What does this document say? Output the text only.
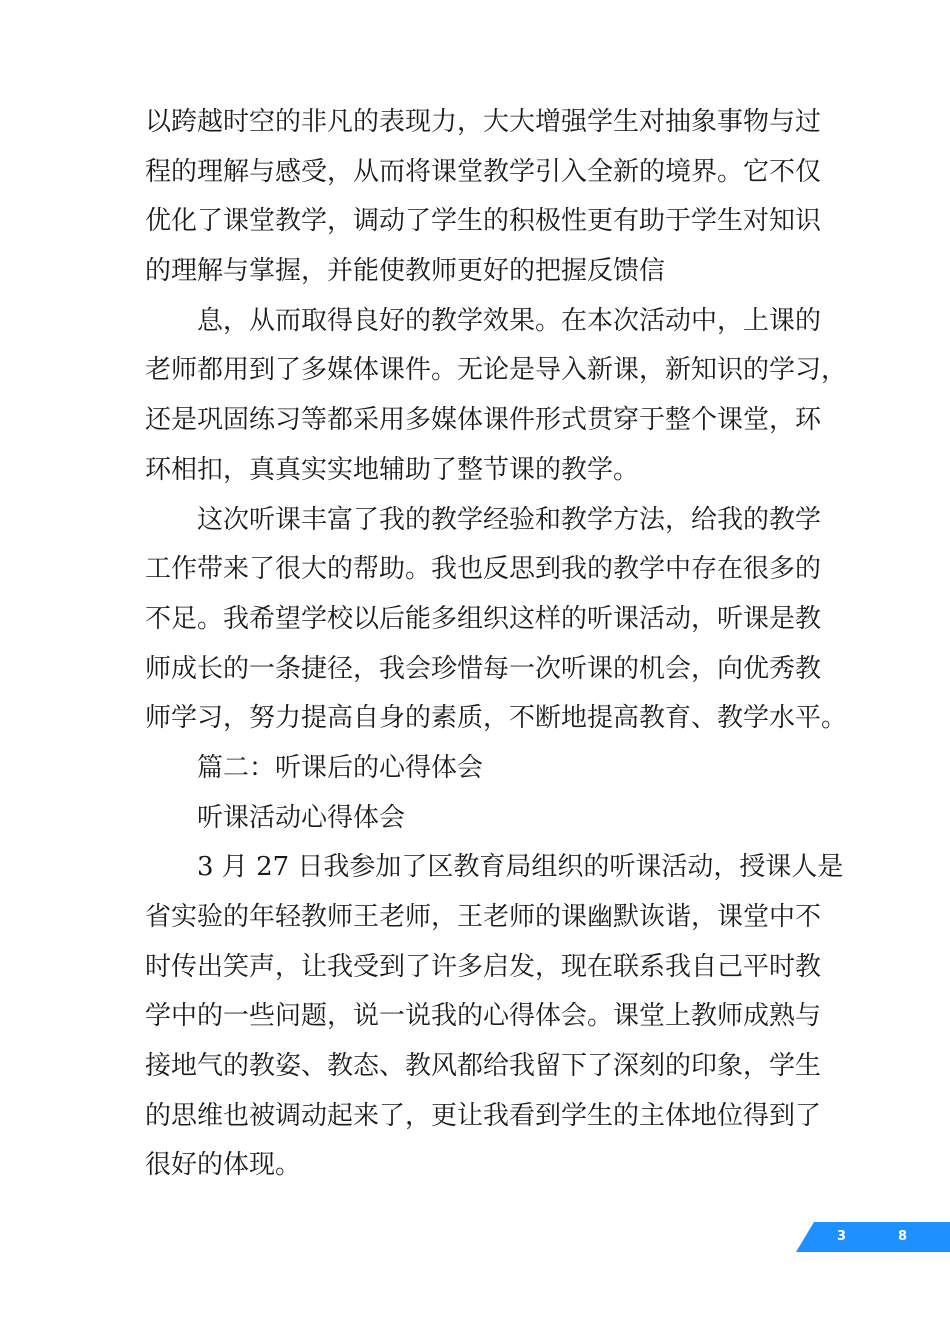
以跨越时空的非凡的表现力，大大增强学生对抽象事物与过
程的理解与感受，从而将课堂教学引入全新的境界。它不仅
优化了课堂教学，调动了学生的积极性更有助于学生对知识
的理解与掌握，并能使教师更好的把握反馈信
息，从而取得良好的教学效果。在本次活动中，上课的
老师都用到了多媒体课件。无论是导入新课，新知识的学习，
还是巩固练习等都采用多媒体课件形式贯穿于整个课堂，环
环相扣，真真实实地辅助了整节课的教学。
这次听课丰富了我的教学经验和教学方法，给我的教学
工作带来了很大的帮助。我也反思到我的教学中存在很多的
不足。我希望学校以后能多组织这样的听课活动，听课是教
师成长的一条捷径，我会珍惜每一次听课的机会，向优秀教
师学习，努力提高自身的素质，不断地提高教育、教学水平。
篇二：听课后的心得体会
听课活动心得体会
3 月 27 日我参加了区教育局组织的听课活动，授课人是
省实验的年轻教师王老师，王老师的课幽默诙谐，课堂中不
时传出笑声，让我受到了许多启发，现在联系我自己平时教
学中的一些问题，说一说我的心得体会。课堂上教师成熟与
接地气的教姿、教态、教风都给我留下了深刻的印象，学生
的思维也被调动起来了，更让我看到学生的主体地位得到了
很好的体现。
3	8
